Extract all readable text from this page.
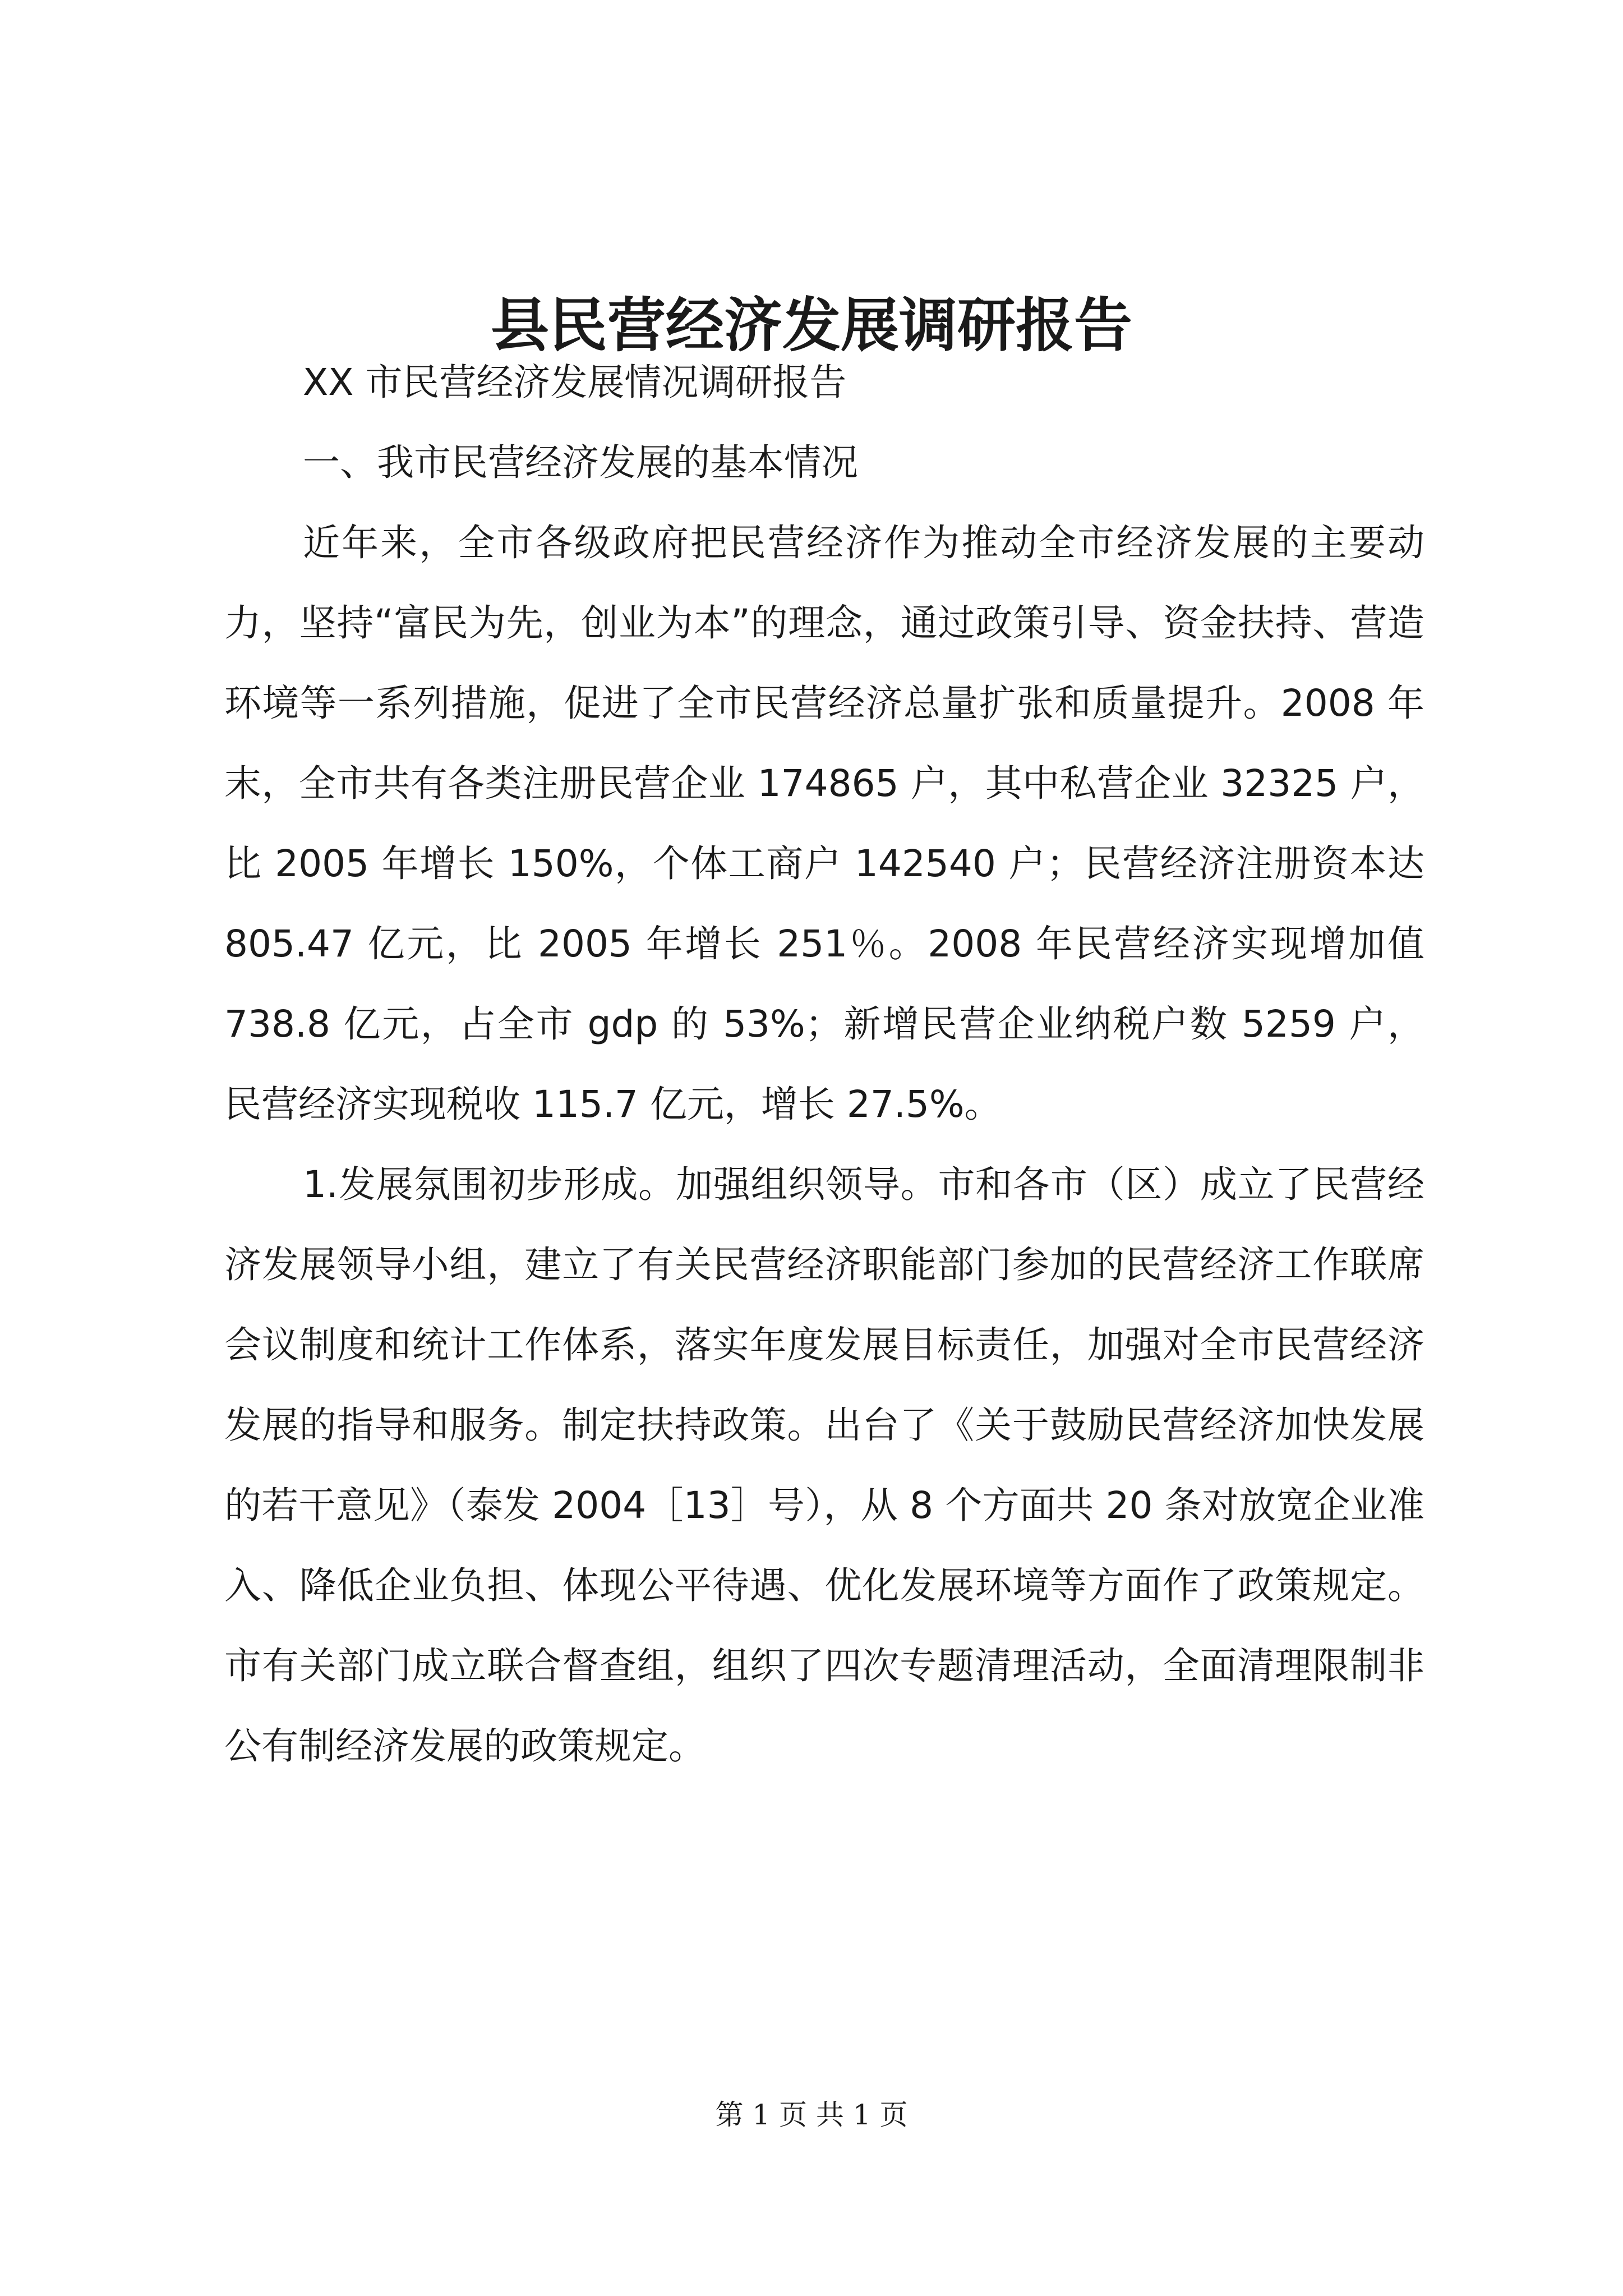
县民营经济发展调研报告

XX 市民营经济发展情况调研报告

一、我市民营经济发展的基本情况

近年来，全市各级政府把民营经济作为推动全市经济发展的主要动力，坚持“富民为先，创业为本”的理念，通过政策引导、资金扶持、营造环境等一系列措施，促进了全市民营经济总量扩张和质量提升。2008 年末，全市共有各类注册民营企业 174865 户，其中私营企业 32325 户，比 2005 年增长 150%，个体工商户 142540 户；民营经济注册资本达 805.47 亿元，比 2005 年增长 251％。2008 年民营经济实现增加值 738.8 亿元，占全市 gdp 的 53%；新增民营企业纳税户数 5259 户，民营经济实现税收 115.7 亿元，增长 27.5%。

1.发展氛围初步形成。加强组织领导。市和各市（区）成立了民营经济发展领导小组，建立了有关民营经济职能部门参加的民营经济工作联席会议制度和统计工作体系，落实年度发展目标责任，加强对全市民营经济发展的指导和服务。制定扶持政策。出台了《关于鼓励民营经济加快发展的若干意见》（泰发 2004［13］号），从 8 个方面共 20 条对放宽企业准入、降低企业负担、体现公平待遇、优化发展环境等方面作了政策规定。市有关部门成立联合督查组，组织了四次专题清理活动，全面清理限制非公有制经济发展的政策规定。

第 1 页 共 1 页
